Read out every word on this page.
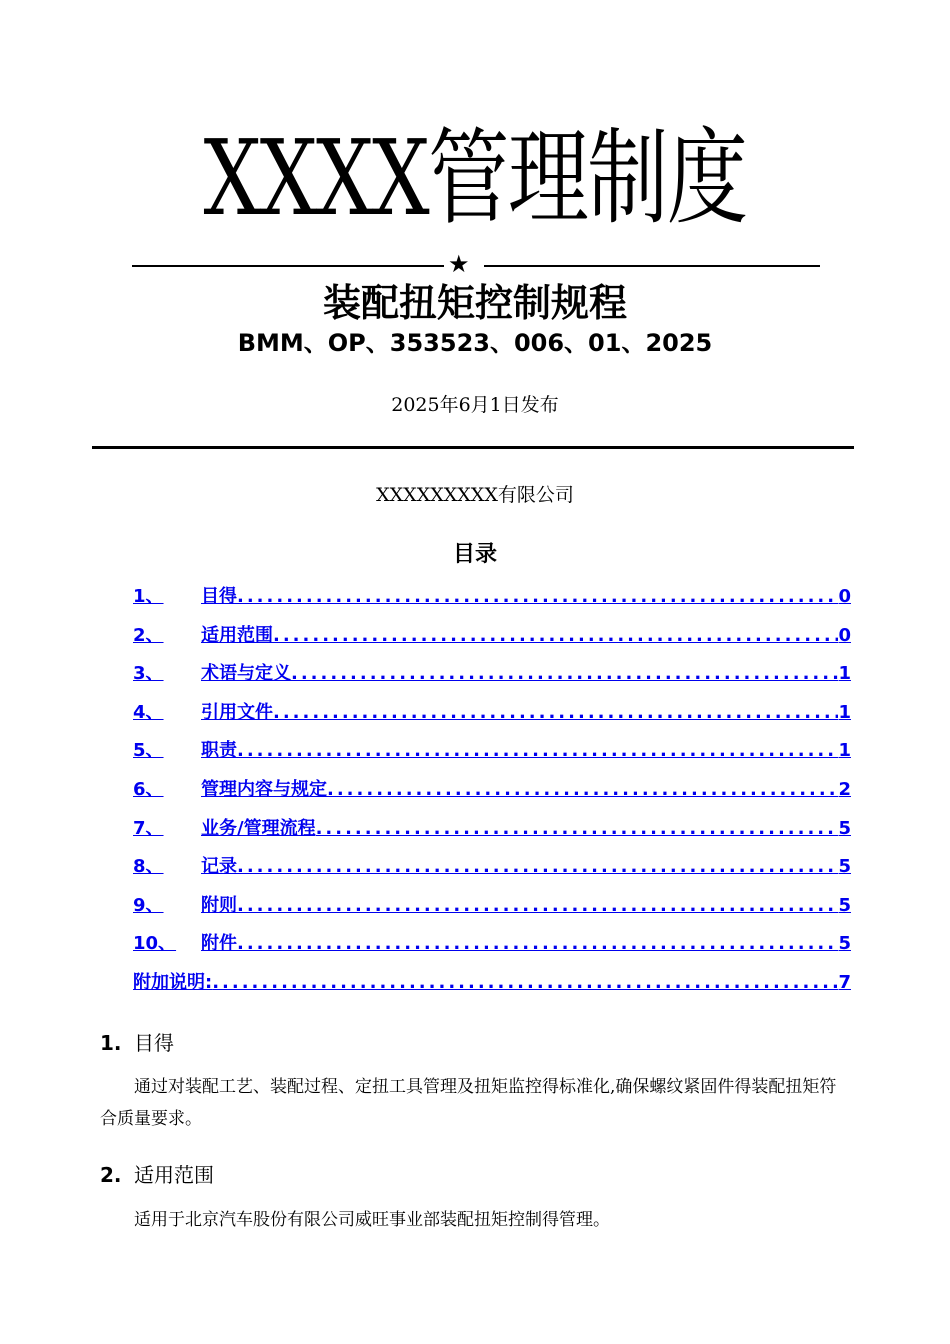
XXXX管理制度
★
装配扭矩控制规程
BMM、OP、353523、006、01、2025
2025年6月1日发布
XXXXXXXXX有限公司
目录
1、	目得 .....	0
2、	适用范围 .....	0
3、	术语与定义 .....	1
4、	引用文件 .....	1
5、	职责 .....	1
6、	管理内容与规定 .....	2
7、	业务/管理流程 .....	5
8、	记录 .....	5
9、	附则 .....	5
10、	附件 .....	5
附加说明: .....	7
1. 目得
通过对装配工艺、装配过程、定扭工具管理及扭矩监控得标准化,确保螺纹紧固件得装配扭矩符合质量要求。
2. 适用范围
适用于北京汽车股份有限公司威旺事业部装配扭矩控制得管理。
